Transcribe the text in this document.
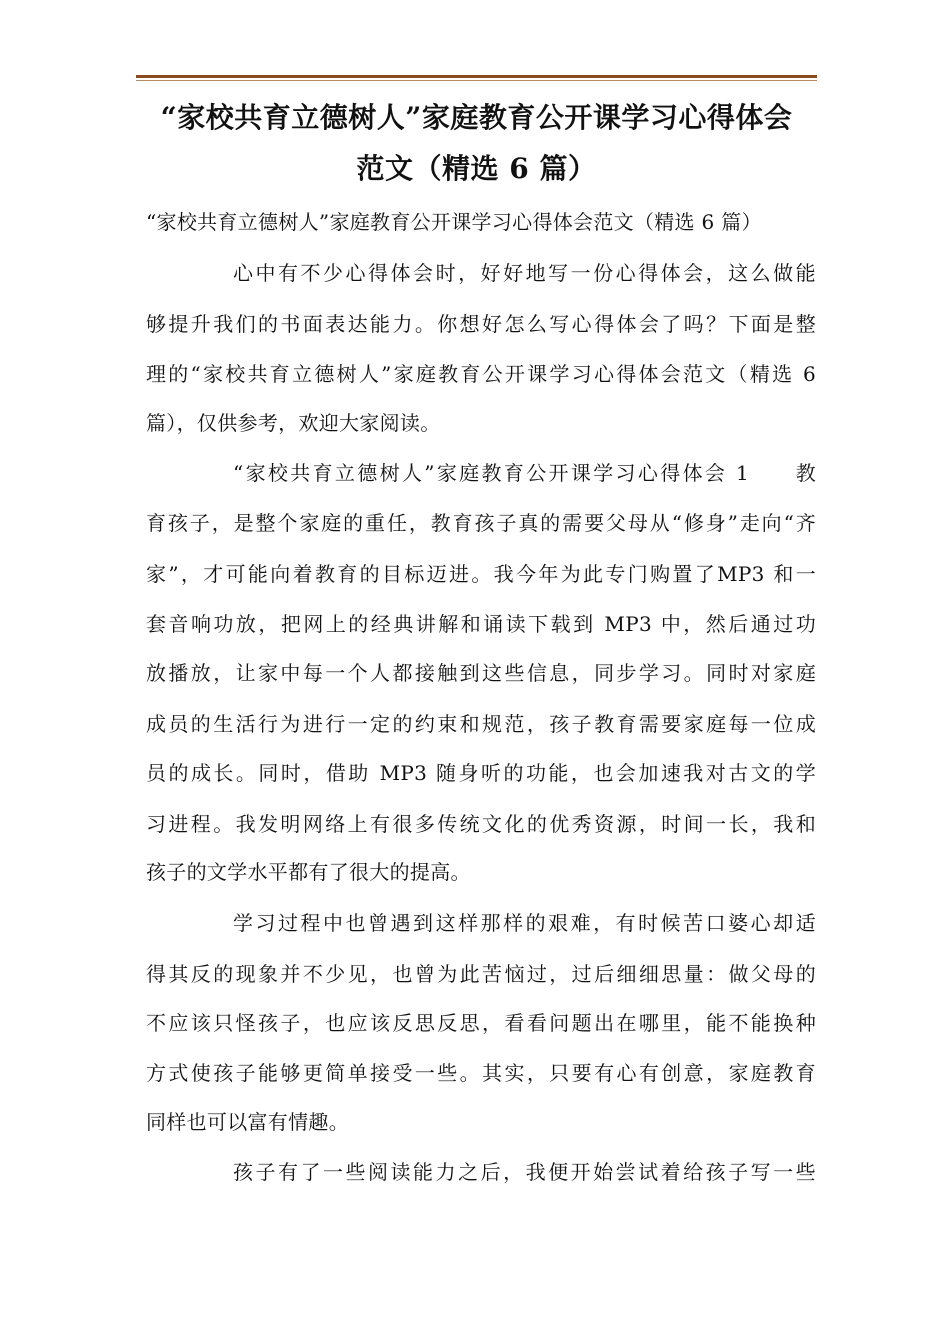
“家校共育立德树人”家庭教育公开课学习心得体会
范文（精选 6 篇）
“家校共育立德树人”家庭教育公开课学习心得体会范文（精选 6 篇）
心中有不少心得体会时，好好地写一份心得体会，这么做能
够提升我们的书面表达能力。你想好怎么写心得体会了吗？下面是整
理的“家校共育立德树人”家庭教育公开课学习心得体会范文（精选 6
篇），仅供参考，欢迎大家阅读。
“家校共育立德树人”家庭教育公开课学习心得体会 1　　教
育孩子，是整个家庭的重任，教育孩子真的需要父母从“修身”走向“齐
家”，才可能向着教育的目标迈进。我今年为此专门购置了MP3 和一
套音响功放，把网上的经典讲解和诵读下载到 MP3 中，然后通过功
放播放，让家中每一个人都接触到这些信息，同步学习。同时对家庭
成员的生活行为进行一定的约束和规范，孩子教育需要家庭每一位成
员的成长。同时，借助 MP3 随身听的功能，也会加速我对古文的学
习进程。我发明网络上有很多传统文化的优秀资源，时间一长，我和
孩子的文学水平都有了很大的提高。
学习过程中也曾遇到这样那样的艰难，有时候苦口婆心却适
得其反的现象并不少见，也曾为此苦恼过，过后细细思量：做父母的
不应该只怪孩子，也应该反思反思，看看问题出在哪里，能不能换种
方式使孩子能够更简单接受一些。其实，只要有心有创意，家庭教育
同样也可以富有情趣。
孩子有了一些阅读能力之后，我便开始尝试着给孩子写一些
